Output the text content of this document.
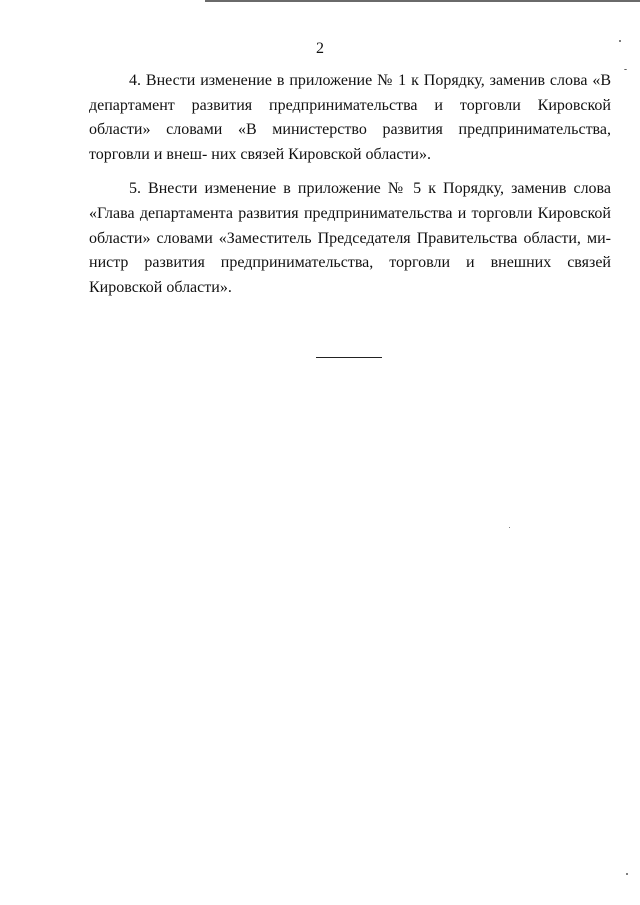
2

4. Внести изменение в приложение № 1 к Порядку, заменив слова «В департамент развития предпринимательства и торговли Кировской области» словами «В министерство развития предпринимательства, торговли и внеш- них связей Кировской области».

5. Внести изменение в приложение № 5 к Порядку, заменив слова «Глава департамента развития предпринимательства и торговли Кировской области» словами «Заместитель Председателя Правительства области, ми- нистр развития предпринимательства, торговли и внешних связей Кировской области».
